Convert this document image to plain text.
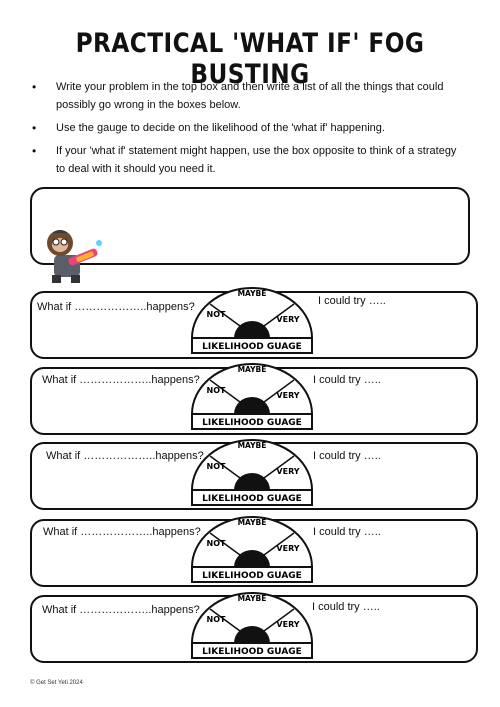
PRACTICAL 'WHAT IF' FOG BUSTING
• Write your problem in the top box and then write a list of all the things that could possibly go wrong in the boxes below.
• Use the gauge to decide on the likelihood of the 'what if' happening.
• If your 'what if' statement might happen, use the box opposite to think of a strategy to deal with it should you need it.
What if ………………..happens?	I could try …..
MAYBE
NOT
VERY
LIKELIHOOD GUAGE
What if ………………..happens?	I could try …..
MAYBE
NOT
VERY
LIKELIHOOD GUAGE
What if ………………..happens?	I could try …..
MAYBE
NOT
VERY
LIKELIHOOD GUAGE
What if ………………..happens?	I could try …..
MAYBE
NOT
VERY
LIKELIHOOD GUAGE
What if ………………..happens?	I could try …..
MAYBE
NOT
VERY
LIKELIHOOD GUAGE
© Get Set Yeti 2024
